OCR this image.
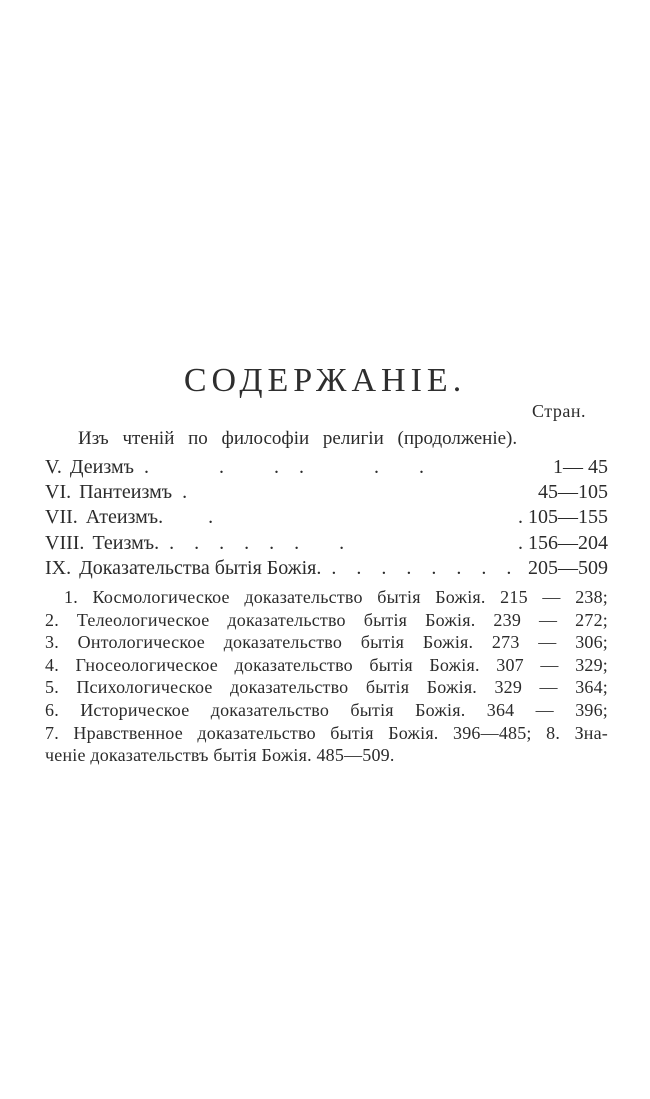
СОДЕРЖАНІЕ.
Стран.
Изъ чтеній по философіи религіи (продолженіе).
V. Деизмъ .              .          .    .              .        .	1— 45
VI. Пантеизмъ .	45—105
VII. Атеизмъ. .	. 105—155
VIII. Теизмъ. .    .    .    .    .    .        .	. 156—204
IX. Доказательства бытія Божія. .    .    .    .    .    .    .    . 205—509
1. Космологическое доказательство бытія Божія. 215 — 238;
2. Телеологическое доказательство бытія Божія. 239 — 272;
3. Онтологическое доказательство бытія Божія. 273 — 306;
4. Гносеологическое доказательство бытія Божія. 307 — 329;
5. Психологическое доказательство бытія Божія. 329 — 364;
6. Историческое доказательство бытія Божія. 364 — 396;
7. Нравственное доказательство бытія Божія. 396—485; 8. Зна-
ченіе доказательствъ бытія Божія. 485—509.
